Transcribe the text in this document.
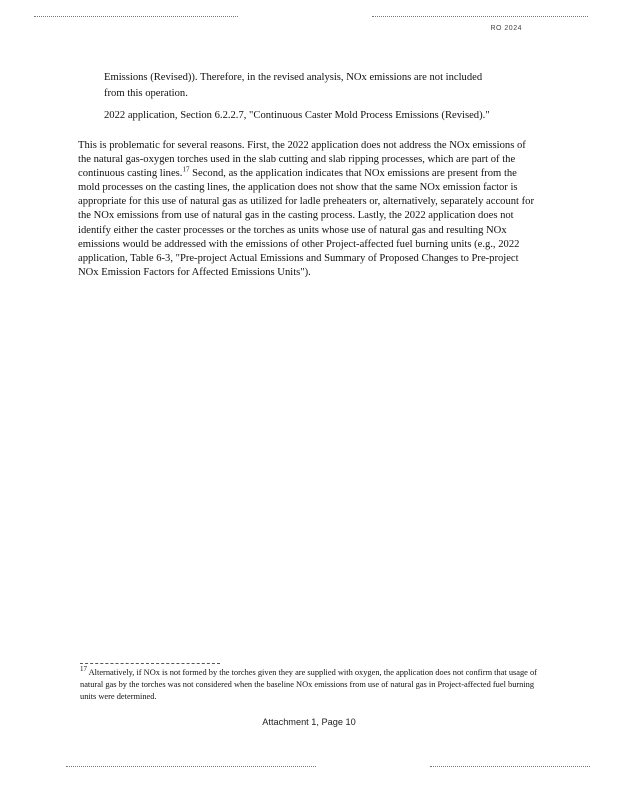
RO 2024
Emissions (Revised)). Therefore, in the revised analysis, NOx emissions are not included
from this operation.
2022 application, Section 6.2.2.7, "Continuous Caster Mold Process Emissions (Revised)."
This is problematic for several reasons. First, the 2022 application does not address the NOx emissions of the natural gas-oxygen torches used in the slab cutting and slab ripping processes, which are part of the continuous casting lines.$^{17}$ Second, as the application indicates that NOx emissions are present from the mold processes on the casting lines, the application does not show that the same NOx emission factor is appropriate for this use of natural gas as utilized for ladle preheaters or, alternatively, separately account for the NOx emissions from use of natural gas in the casting process. Lastly, the 2022 application does not identify either the caster processes or the torches as units whose use of natural gas and resulting NOx emissions would be addressed with the emissions of other Project-affected fuel burning units (e.g., 2022 application, Table 6-3, "Pre-project Actual Emissions and Summary of Proposed Changes to Pre-project NOx Emission Factors for Affected Emissions Units").
$^{17}$ Alternatively, if NOx is not formed by the torches given they are supplied with oxygen, the application does not confirm that usage of natural gas by the torches was not considered when the baseline NOx emissions from use of natural gas in Project-affected fuel burning units were determined.
Attachment 1, Page 10
